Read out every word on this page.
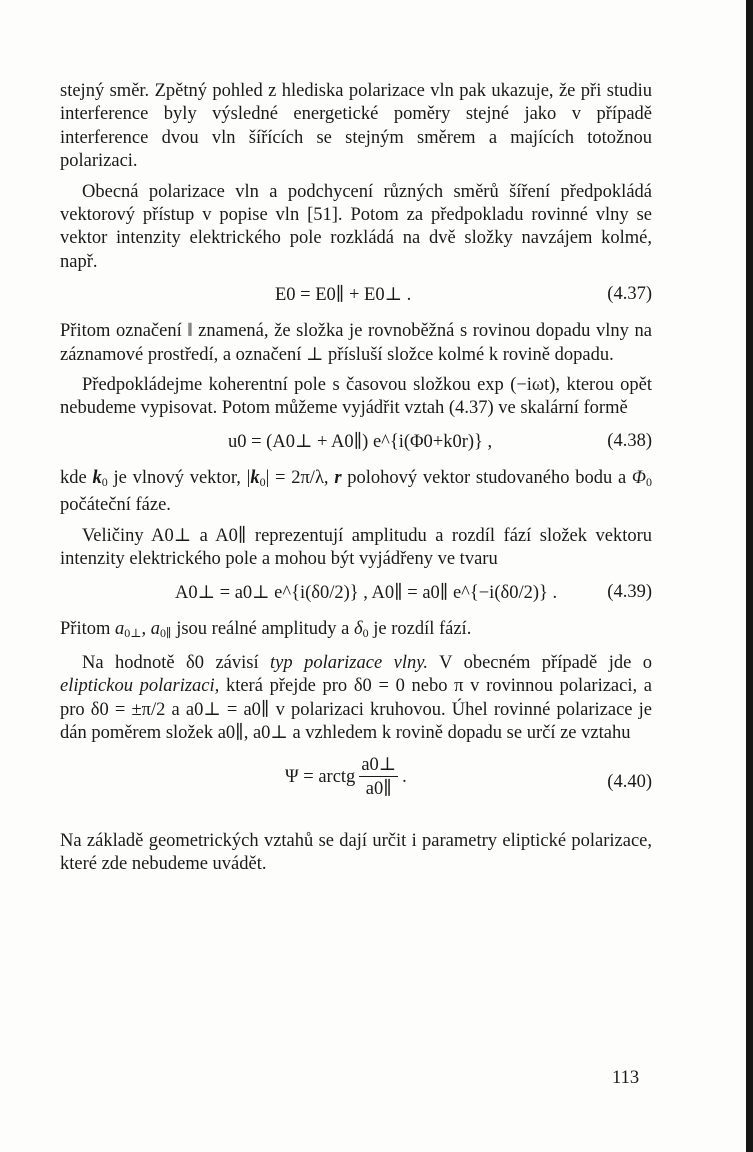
stejný směr. Zpětný pohled z hlediska polarizace vln pak ukazuje, že při studiu interference byly výsledné energetické poměry stejné jako v případě interference dvou vln šířících se stejným směrem a majících totožnou polarizaci.

Obecná polarizace vln a podchycení různých směrů šíření předpokládá vektorový přístup v popise vln [51]. Potom za předpokladu rovinné vlny se vektor intenzity elektrického pole rozkládá na dvě složky navzájem kolmé, např.

E0 = E0∥ + E0⊥ .	(4.37)

Přitom označení ‖ znamená, že složka je rovnoběžná s rovinou dopadu vlny na záznamové prostředí, a označení ⊥ přísluší složce kolmé k rovině dopadu.

Předpokládejme koherentní pole s časovou složkou exp (−iωt), kterou opět nebudeme vypisovat. Potom můžeme vyjádřit vztah (4.37) ve skalární formě

u0 = (A0⊥ + A0∥) e^{i(Φ0+k0r)} ,	(4.38)

kde $k_0$ je vlnový vektor, $|k_0| = 2\pi/\lambda$, r polohový vektor studovaného bodu a $\Phi_0$ počáteční fáze.

Veličiny A0⊥ a A0∥ reprezentují amplitudu a rozdíl fází složek vektoru intenzity elektrického pole a mohou být vyjádřeny ve tvaru

A0⊥ = a0⊥ e^{i(δ0/2)} , A0∥ = a0∥ e^{−i(δ0/2)} .	(4.39)

Přitom $a_{0\perp}$, $a_{0\parallel}$ jsou reálné amplitudy a $\delta_0$ je rozdíl fází.

Na hodnotě δ0 závisí typ polarizace vlny. V obecném případě jde o eliptickou polarizaci, která přejde pro δ0 = 0 nebo π v rovinnou polarizaci, a pro δ0 = ±π/2 a a0⊥ = a0∥ v polarizaci kruhovou. Úhel rovinné polarizace je dán poměrem složek a0∥, a0⊥ a vzhledem k rovině dopadu se určí ze vztahu

Ψ = arctg $\frac{a0\perp}{a0\parallel}$ .	(4.40)

Na základě geometrických vztahů se dají určit i parametry eliptické polarizace, které zde nebudeme uvádět.

113
